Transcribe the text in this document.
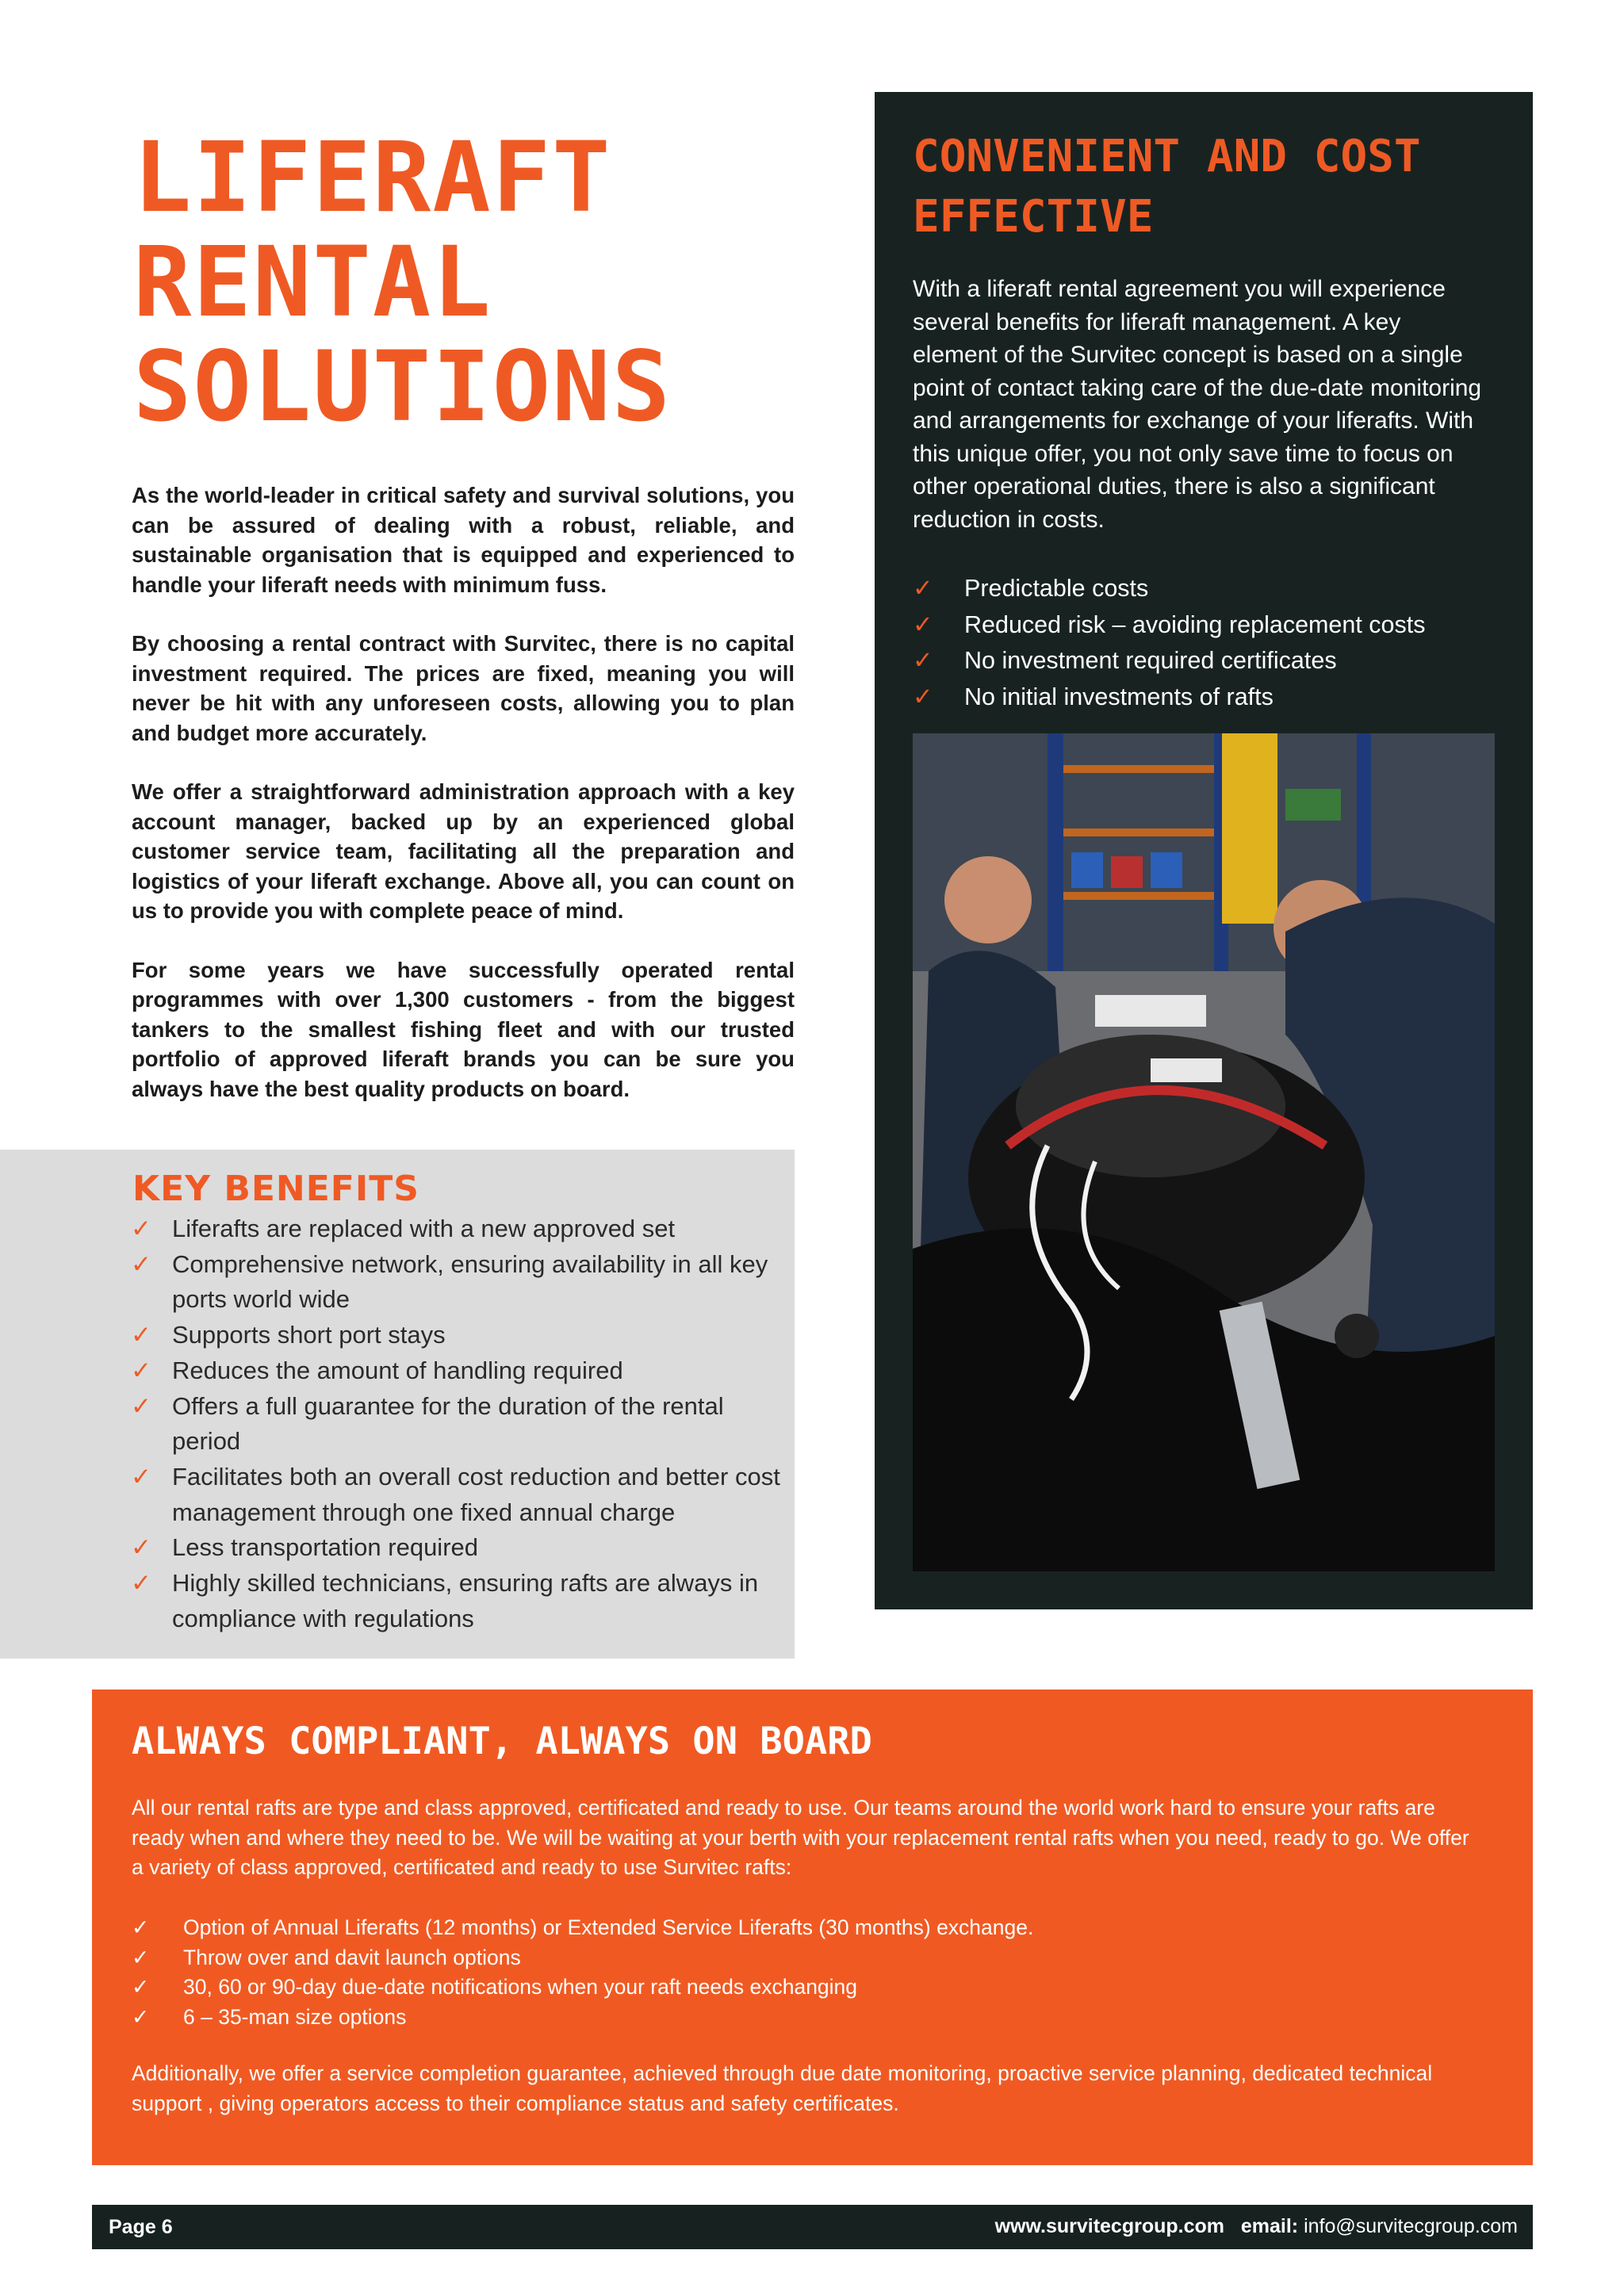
LIFERAFT
RENTAL
SOLUTIONS

As the world-leader in critical safety and survival solutions, you can be assured of dealing with a robust, reliable, and sustainable organisation that is equipped and experienced to handle your liferaft needs with minimum fuss.

By choosing a rental contract with Survitec, there is no capital investment required. The prices are fixed, meaning you will never be hit with any unforeseen costs, allowing you to plan and budget more accurately.

We offer a straightforward administration approach with a key account manager, backed up by an experienced global customer service team, facilitating all the preparation and logistics of your liferaft exchange. Above all, you can count on us to provide you with complete peace of mind.

For some years we have successfully operated rental programmes with over 1,300 customers - from the biggest tankers to the smallest fishing fleet and with our trusted portfolio of approved liferaft brands you can be sure you always have the best quality products on board.

KEY BENEFITS
✓ Liferafts are replaced with a new approved set
✓ Comprehensive network, ensuring availability in all key ports world wide
✓ Supports short port stays
✓ Reduces the amount of handling required
✓ Offers a full guarantee for the duration of the rental period
✓ Facilitates both an overall cost reduction and better cost management through one fixed annual charge
✓ Less transportation required
✓ Highly skilled technicians, ensuring rafts are always in compliance with regulations
CONVENIENT AND COST EFFECTIVE

With a liferaft rental agreement you will experience several benefits for liferaft management. A key element of the Survitec concept is based on a single point of contact taking care of the due-date monitoring and arrangements for exchange of your liferafts. With this unique offer, you not only save time to focus on other operational duties, there is also a significant reduction in costs.

✓ Predictable costs
✓ Reduced risk – avoiding replacement costs
✓ No investment required certificates
✓ No initial investments of rafts
ALWAYS COMPLIANT, ALWAYS ON BOARD

All our rental rafts are type and class approved, certificated and ready to use. Our teams around the world work hard to ensure your rafts are ready when and where they need to be. We will be waiting at your berth with your replacement rental rafts when you need, ready to go. We offer a variety of class approved, certificated and ready to use Survitec rafts:

✓ Option of Annual Liferafts (12 months) or Extended Service Liferafts (30 months) exchange.
✓ Throw over and davit launch options
✓ 30, 60 or 90-day due-date notifications when your raft needs exchanging
✓ 6 – 35-man size options

Additionally, we offer a service completion guarantee, achieved through due date monitoring, proactive service planning, dedicated technical support , giving operators access to their compliance status and safety certificates.

Page 6	www.survitecgroup.com email: info@survitecgroup.com
